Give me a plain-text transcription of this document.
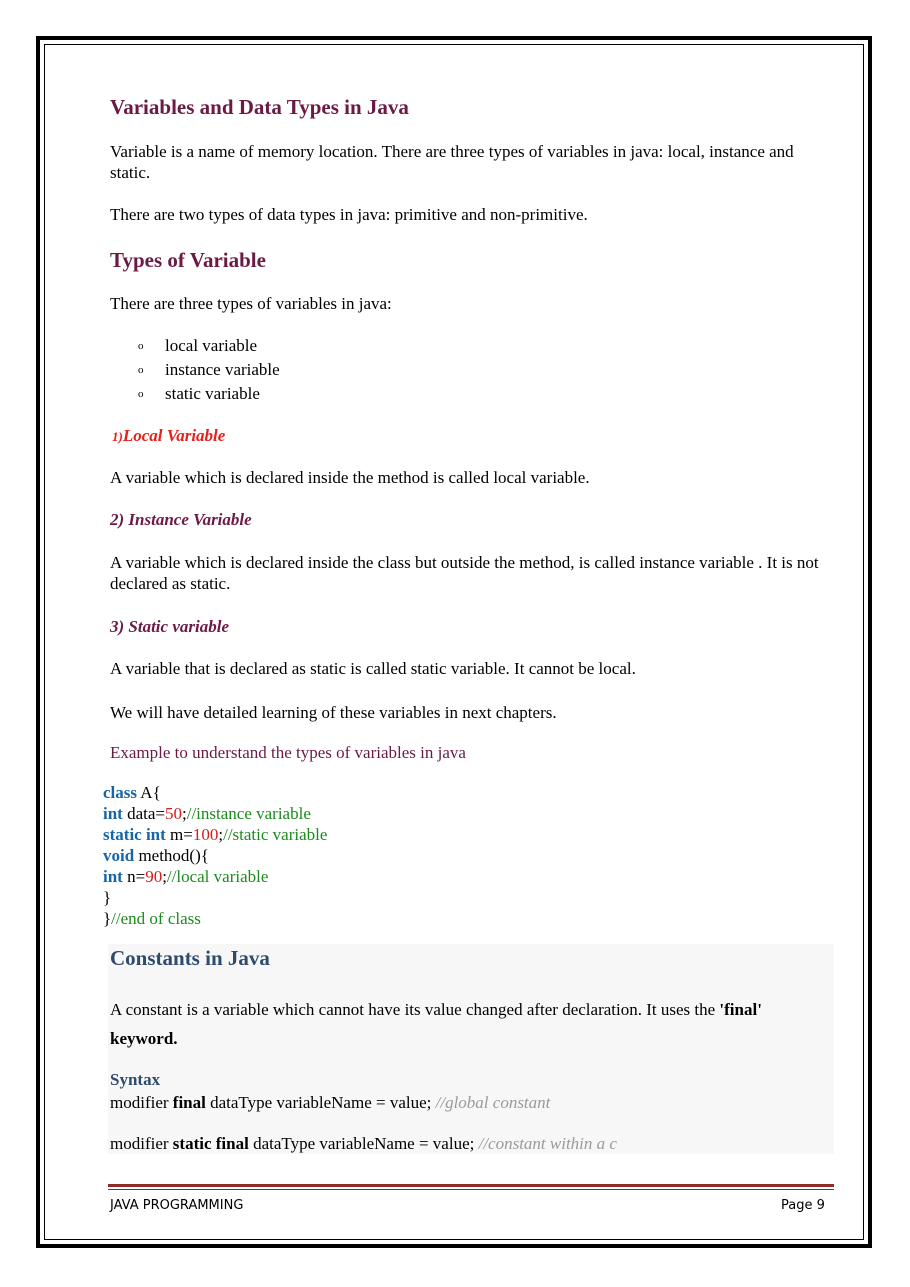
Variables and Data Types in Java
Variable is a name of memory location. There are three types of variables in java: local, instance and static.
There are two types of data types in java: primitive and non-primitive.
Types of Variable
There are three types of variables in java:
o local variable
o instance variable
o static variable
1)Local Variable
A variable which is declared inside the method is called local variable.
2) Instance Variable
A variable which is declared inside the class but outside the method, is called instance variable . It is not declared as static.
3) Static variable
A variable that is declared as static is called static variable. It cannot be local.
We will have detailed learning of these variables in next chapters.
Example to understand the types of variables in java
class A{
int data=50;//instance variable
static int m=100;//static variable
void method(){
int n=90;//local variable
}
}//end of class
Constants in Java
A constant is a variable which cannot have its value changed after declaration. It uses the 'final'
keyword.
Syntax
modifier final dataType variableName = value; //global constant
modifier static final dataType variableName = value; //constant within a c
JAVA PROGRAMMING	Page 9
